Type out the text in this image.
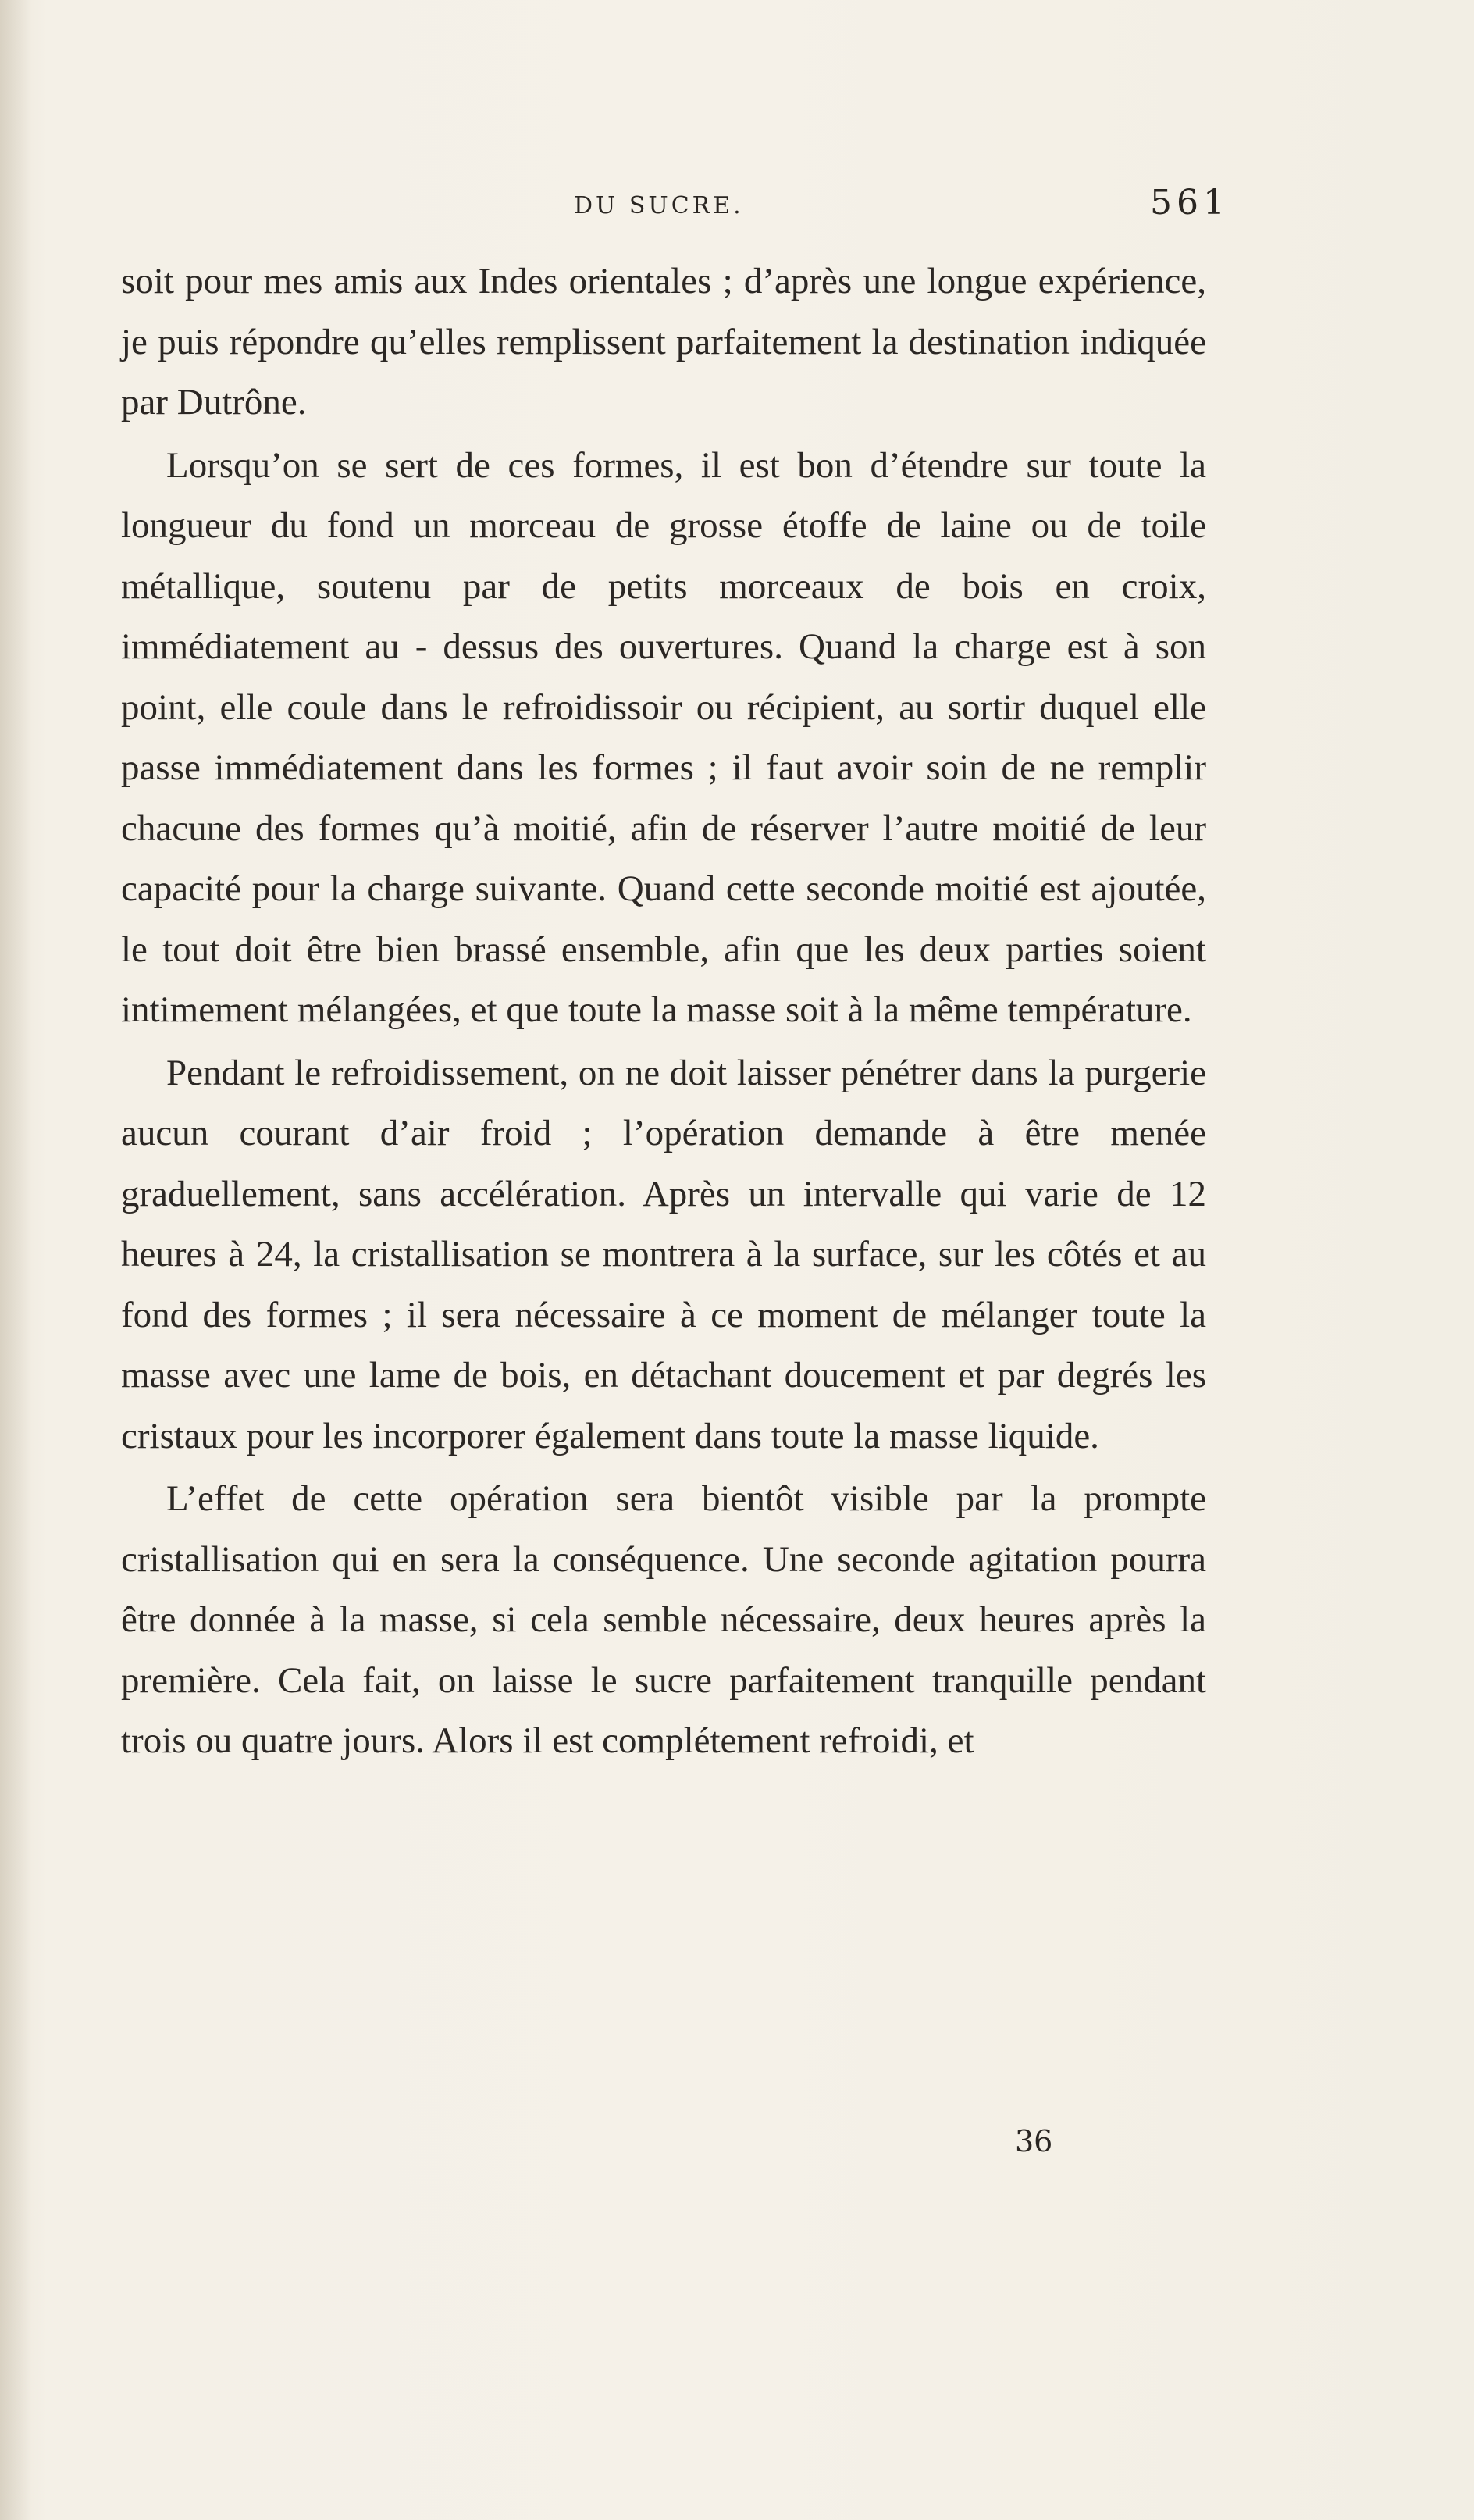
DU SUCRE.	561

soit pour mes amis aux Indes orientales ; d’après une longue expérience, je puis répondre qu’elles remplissent parfaitement la destination indiquée par Dutrône.

Lorsqu’on se sert de ces formes, il est bon d’étendre sur toute la longueur du fond un morceau de grosse étoffe de laine ou de toile métallique, soutenu par de petits morceaux de bois en croix, immédiatement au - dessus des ouvertures. Quand la charge est à son point, elle coule dans le refroidissoir ou récipient, au sortir duquel elle passe immédiatement dans les formes ; il faut avoir soin de ne remplir chacune des formes qu’à moitié, afin de réserver l’autre moitié de leur capacité pour la charge suivante. Quand cette seconde moitié est ajoutée, le tout doit être bien brassé ensemble, afin que les deux parties soient intimement mélangées, et que toute la masse soit à la même température.

Pendant le refroidissement, on ne doit laisser pénétrer dans la purgerie aucun courant d’air froid ; l’opération demande à être menée graduellement, sans accélération. Après un intervalle qui varie de 12 heures à 24, la cristallisation se montrera à la surface, sur les côtés et au fond des formes ; il sera nécessaire à ce moment de mélanger toute la masse avec une lame de bois, en détachant doucement et par degrés les cristaux pour les incorporer également dans toute la masse liquide.

L’effet de cette opération sera bientôt visible par la prompte cristallisation qui en sera la conséquence. Une seconde agitation pourra être donnée à la masse, si cela semble nécessaire, deux heures après la première. Cela fait, on laisse le sucre parfaitement tranquille pendant trois ou quatre jours. Alors il est complétement refroidi, et

36
